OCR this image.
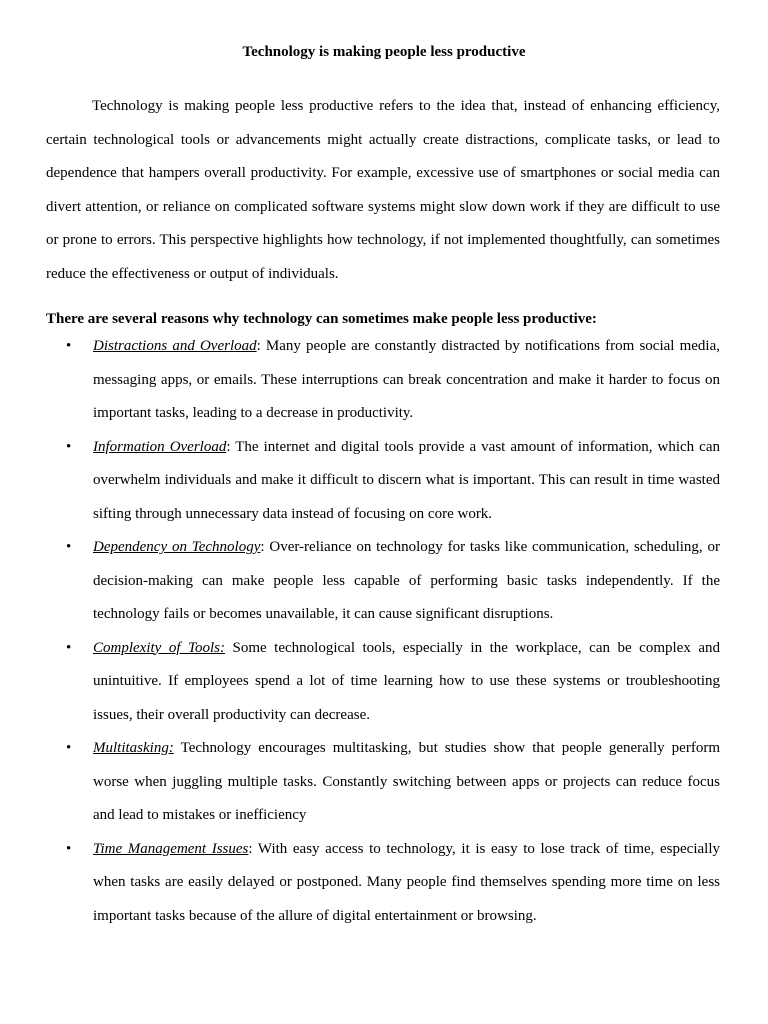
Technology is making people less productive

Technology is making people less productive refers to the idea that, instead of enhancing efficiency, certain technological tools or advancements might actually create distractions, complicate tasks, or lead to dependence that hampers overall productivity. For example, excessive use of smartphones or social media can divert attention, or reliance on complicated software systems might slow down work if they are difficult to use or prone to errors. This perspective highlights how technology, if not implemented thoughtfully, can sometimes reduce the effectiveness or output of individuals.

There are several reasons why technology can sometimes make people less productive:

• Distractions and Overload: Many people are constantly distracted by notifications from social media, messaging apps, or emails. These interruptions can break concentration and make it harder to focus on important tasks, leading to a decrease in productivity.
• Information Overload: The internet and digital tools provide a vast amount of information, which can overwhelm individuals and make it difficult to discern what is important. This can result in time wasted sifting through unnecessary data instead of focusing on core work.
• Dependency on Technology: Over-reliance on technology for tasks like communication, scheduling, or decision-making can make people less capable of performing basic tasks independently. If the technology fails or becomes unavailable, it can cause significant disruptions.
• Complexity of Tools: Some technological tools, especially in the workplace, can be complex and unintuitive. If employees spend a lot of time learning how to use these systems or troubleshooting issues, their overall productivity can decrease.
• Multitasking: Technology encourages multitasking, but studies show that people generally perform worse when juggling multiple tasks. Constantly switching between apps or projects can reduce focus and lead to mistakes or inefficiency
• Time Management Issues: With easy access to technology, it is easy to lose track of time, especially when tasks are easily delayed or postponed. Many people find themselves spending more time on less important tasks because of the allure of digital entertainment or browsing.
